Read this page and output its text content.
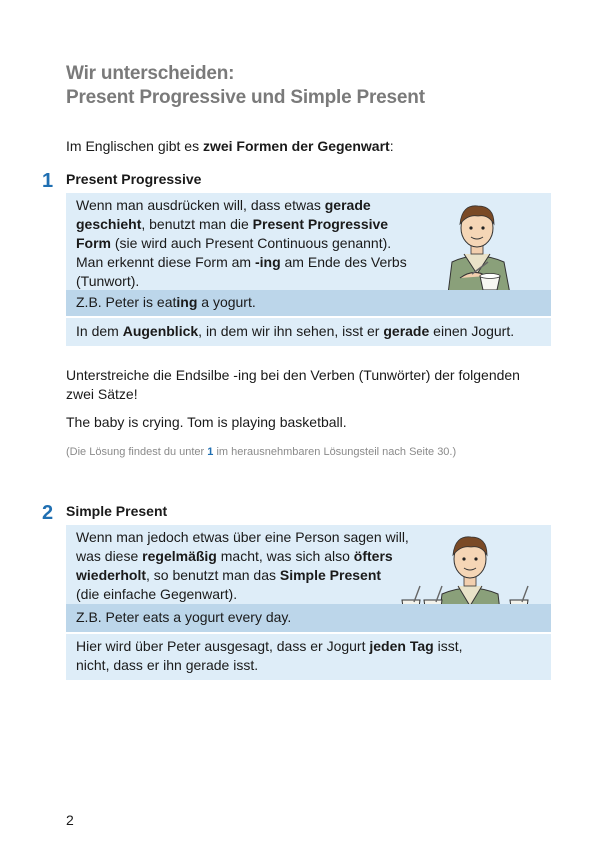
Wir unterscheiden:
Present Progressive und Simple Present
Im Englischen gibt es zwei Formen der Gegenwart:
1 Present Progressive
Wenn man ausdrücken will, dass etwas gerade
geschieht, benutzt man die Present Progressive
Form (sie wird auch Present Continuous genannt).
Man erkennt diese Form am -ing am Ende des Verbs
(Tunwort).
Z.B. Peter is eating a yogurt.
In dem Augenblick, in dem wir ihn sehen, isst er gerade einen Jogurt.
Unterstreiche die Endsilbe -ing bei den Verben (Tunwörter) der folgenden
zwei Sätze!
The baby is crying. Tom is playing basketball.
(Die Lösung findest du unter 1 im herausnehmbaren Lösungsteil nach Seite 30.)
2 Simple Present
Wenn man jedoch etwas über eine Person sagen will,
was diese regelmäßig macht, was sich also öfters
wiederholt, so benutzt man das Simple Present
(die einfache Gegenwart).
Z.B. Peter eats a yogurt every day.
Hier wird über Peter ausgesagt, dass er Jogurt jeden Tag isst,
nicht, dass er ihn gerade isst.
2
